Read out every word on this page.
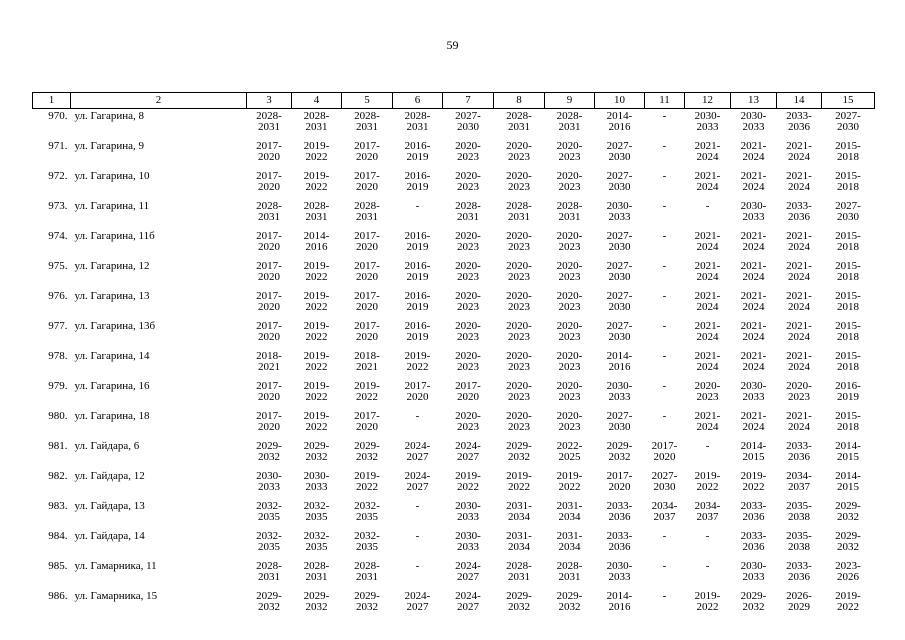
59
1	2	3	4	5	6	7	8	9	10	11	12	13	14	15
970.	ул. Гагарина, 8	2028-
2031	2028-
2031	2028-
2031	2028-
2031	2027-
2030	2028-
2031	2028-
2031	2014-
2016	-	2030-
2033	2030-
2033	2033-
2036	2027-
2030

971.	ул. Гагарина, 9	2017-
2020	2019-
2022	2017-
2020	2016-
2019	2020-
2023	2020-
2023	2020-
2023	2027-
2030	-	2021-
2024	2021-
2024	2021-
2024	2015-
2018

972.	ул. Гагарина, 10	2017-
2020	2019-
2022	2017-
2020	2016-
2019	2020-
2023	2020-
2023	2020-
2023	2027-
2030	-	2021-
2024	2021-
2024	2021-
2024	2015-
2018

973.	ул. Гагарина, 11	2028-
2031	2028-
2031	2028-
2031	-	2028-
2031	2028-
2031	2028-
2031	2030-
2033	-	-	2030-
2033	2033-
2036	2027-
2030

974.	ул. Гагарина, 11б	2017-
2020	2014-
2016	2017-
2020	2016-
2019	2020-
2023	2020-
2023	2020-
2023	2027-
2030	-	2021-
2024	2021-
2024	2021-
2024	2015-
2018

975.	ул. Гагарина, 12	2017-
2020	2019-
2022	2017-
2020	2016-
2019	2020-
2023	2020-
2023	2020-
2023	2027-
2030	-	2021-
2024	2021-
2024	2021-
2024	2015-
2018

976.	ул. Гагарина, 13	2017-
2020	2019-
2022	2017-
2020	2016-
2019	2020-
2023	2020-
2023	2020-
2023	2027-
2030	-	2021-
2024	2021-
2024	2021-
2024	2015-
2018

977.	ул. Гагарина, 13б	2017-
2020	2019-
2022	2017-
2020	2016-
2019	2020-
2023	2020-
2023	2020-
2023	2027-
2030	-	2021-
2024	2021-
2024	2021-
2024	2015-
2018

978.	ул. Гагарина, 14	2018-
2021	2019-
2022	2018-
2021	2019-
2022	2020-
2023	2020-
2023	2020-
2023	2014-
2016	-	2021-
2024	2021-
2024	2021-
2024	2015-
2018

979.	ул. Гагарина, 16	2017-
2020	2019-
2022	2019-
2022	2017-
2020	2017-
2020	2020-
2023	2020-
2023	2030-
2033	-	2020-
2023	2030-
2033	2020-
2023	2016-
2019

980.	ул. Гагарина, 18	2017-
2020	2019-
2022	2017-
2020	-	2020-
2023	2020-
2023	2020-
2023	2027-
2030	-	2021-
2024	2021-
2024	2021-
2024	2015-
2018

981.	ул. Гайдара, 6	2029-
2032	2029-
2032	2029-
2032	2024-
2027	2024-
2027	2029-
2032	2022-
2025	2029-
2032	2017-
2020	-	2014-
2015	2033-
2036	2014-
2015

982.	ул. Гайдара, 12	2030-
2033	2030-
2033	2019-
2022	2024-
2027	2019-
2022	2019-
2022	2019-
2022	2017-
2020	2027-
2030	2019-
2022	2019-
2022	2034-
2037	2014-
2015

983.	ул. Гайдара, 13	2032-
2035	2032-
2035	2032-
2035	-	2030-
2033	2031-
2034	2031-
2034	2033-
2036	2034-
2037	2034-
2037	2033-
2036	2035-
2038	2029-
2032

984.	ул. Гайдара, 14	2032-
2035	2032-
2035	2032-
2035	-	2030-
2033	2031-
2034	2031-
2034	2033-
2036	-	-	2033-
2036	2035-
2038	2029-
2032

985.	ул. Гамарника, 11	2028-
2031	2028-
2031	2028-
2031	-	2024-
2027	2028-
2031	2028-
2031	2030-
2033	-	-	2030-
2033	2033-
2036	2023-
2026

986.	ул. Гамарника, 15	2029-
2032	2029-
2032	2029-
2032	2024-
2027	2024-
2027	2029-
2032	2029-
2032	2014-
2016	-	2019-
2022	2029-
2032	2026-
2029	2019-
2022
